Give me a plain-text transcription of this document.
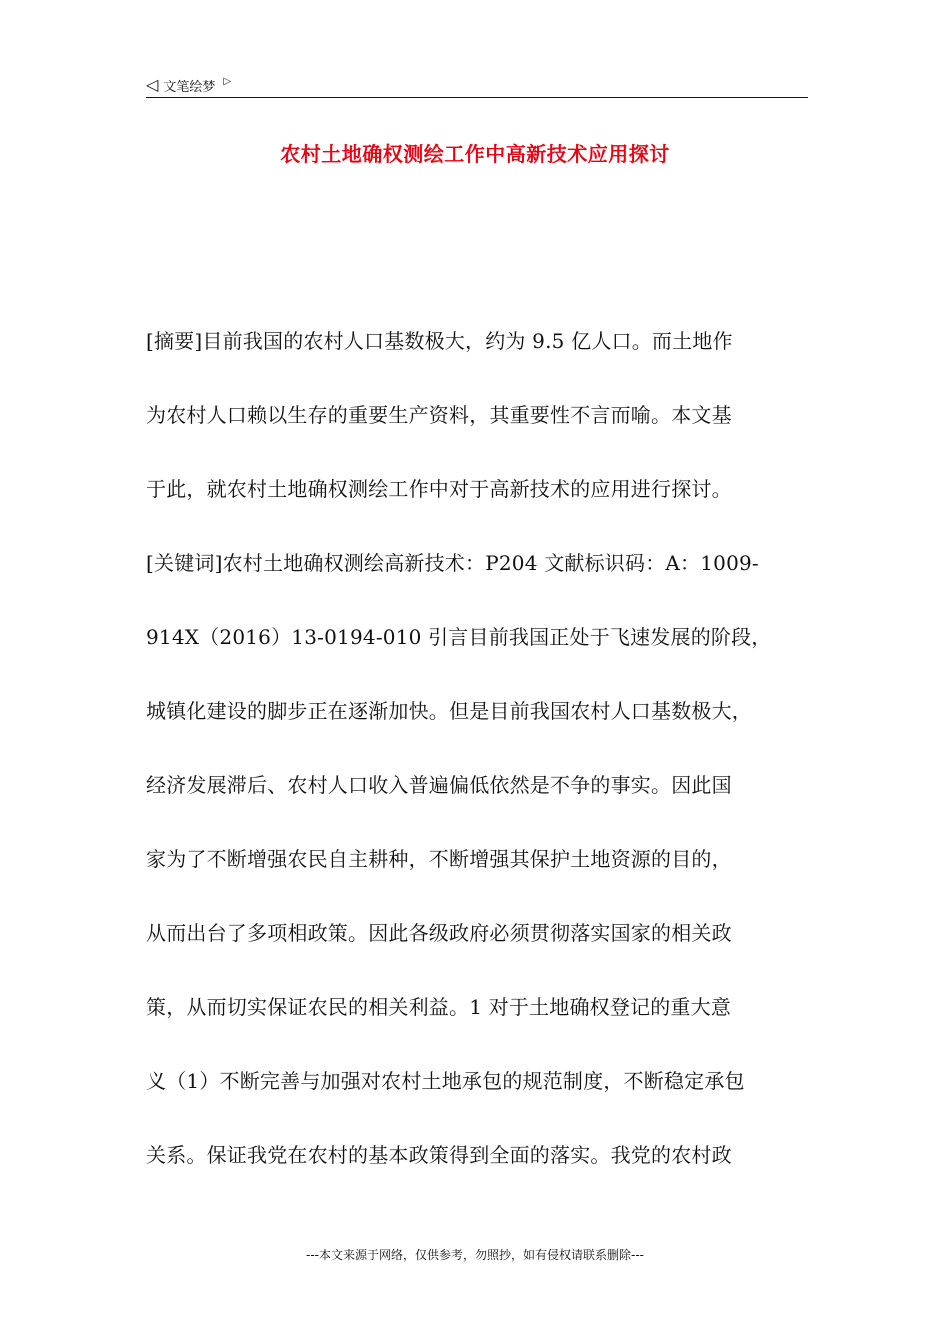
◁ 文笔绘梦 ▷
农村土地确权测绘工作中高新技术应用探讨
[摘要]目前我国的农村人口基数极大，约为 9.5 亿人口。而土地作
为农村人口赖以生存的重要生产资料，其重要性不言而喻。本文基
于此，就农村土地确权测绘工作中对于高新技术的应用进行探讨。
[关键词]农村土地确权测绘高新技术：P204 文献标识码：A：1009-
914X（2016）13-0194-010 引言目前我国正处于飞速发展的阶段，
城镇化建设的脚步正在逐渐加快。但是目前我国农村人口基数极大，
经济发展滞后、农村人口收入普遍偏低依然是不争的事实。因此国
家为了不断增强农民自主耕种，不断增强其保护土地资源的目的，
从而出台了多项相政策。因此各级政府必须贯彻落实国家的相关政
策，从而切实保证农民的相关利益。1 对于土地确权登记的重大意
义（1）不断完善与加强对农村土地承包的规范制度，不断稳定承包
关系。保证我党在农村的基本政策得到全面的落实。我党的农村政
---本文来源于网络，仅供参考，勿照抄，如有侵权请联系删除---
